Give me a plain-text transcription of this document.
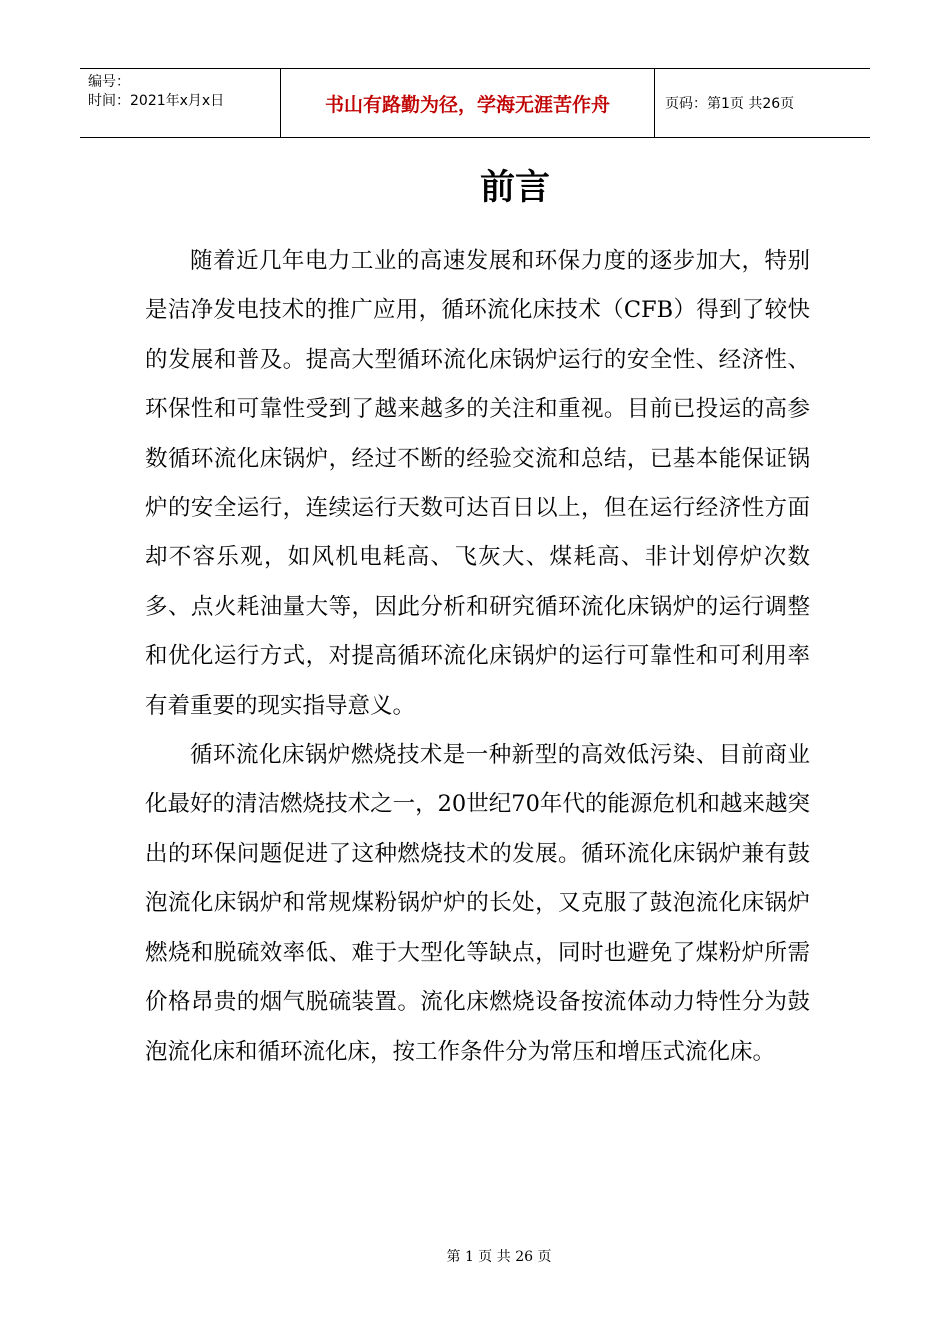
编号：
时间：2021年x月x日	书山有路勤为径，学海无涯苦作舟	页码：第1页 共26页
前言

随着近几年电力工业的高速发展和环保力度的逐步加大，特别是洁净发电技术的推广应用，循环流化床技术（CFB）得到了较快的发展和普及。提高大型循环流化床锅炉运行的安全性、经济性、环保性和可靠性受到了越来越多的关注和重视。目前已投运的高参数循环流化床锅炉，经过不断的经验交流和总结，已基本能保证锅炉的安全运行，连续运行天数可达百日以上，但在运行经济性方面却不容乐观，如风机电耗高、飞灰大、煤耗高、非计划停炉次数多、点火耗油量大等，因此分析和研究循环流化床锅炉的运行调整和优化运行方式，对提高循环流化床锅炉的运行可靠性和可利用率有着重要的现实指导意义。

循环流化床锅炉燃烧技术是一种新型的高效低污染、目前商业化最好的清洁燃烧技术之一，20世纪70年代的能源危机和越来越突出的环保问题促进了这种燃烧技术的发展。循环流化床锅炉兼有鼓泡流化床锅炉和常规煤粉锅炉炉的长处，又克服了鼓泡流化床锅炉燃烧和脱硫效率低、难于大型化等缺点，同时也避免了煤粉炉所需价格昂贵的烟气脱硫装置。流化床燃烧设备按流体动力特性分为鼓泡流化床和循环流化床，按工作条件分为常压和增压式流化床。

第 1 页 共 26 页
